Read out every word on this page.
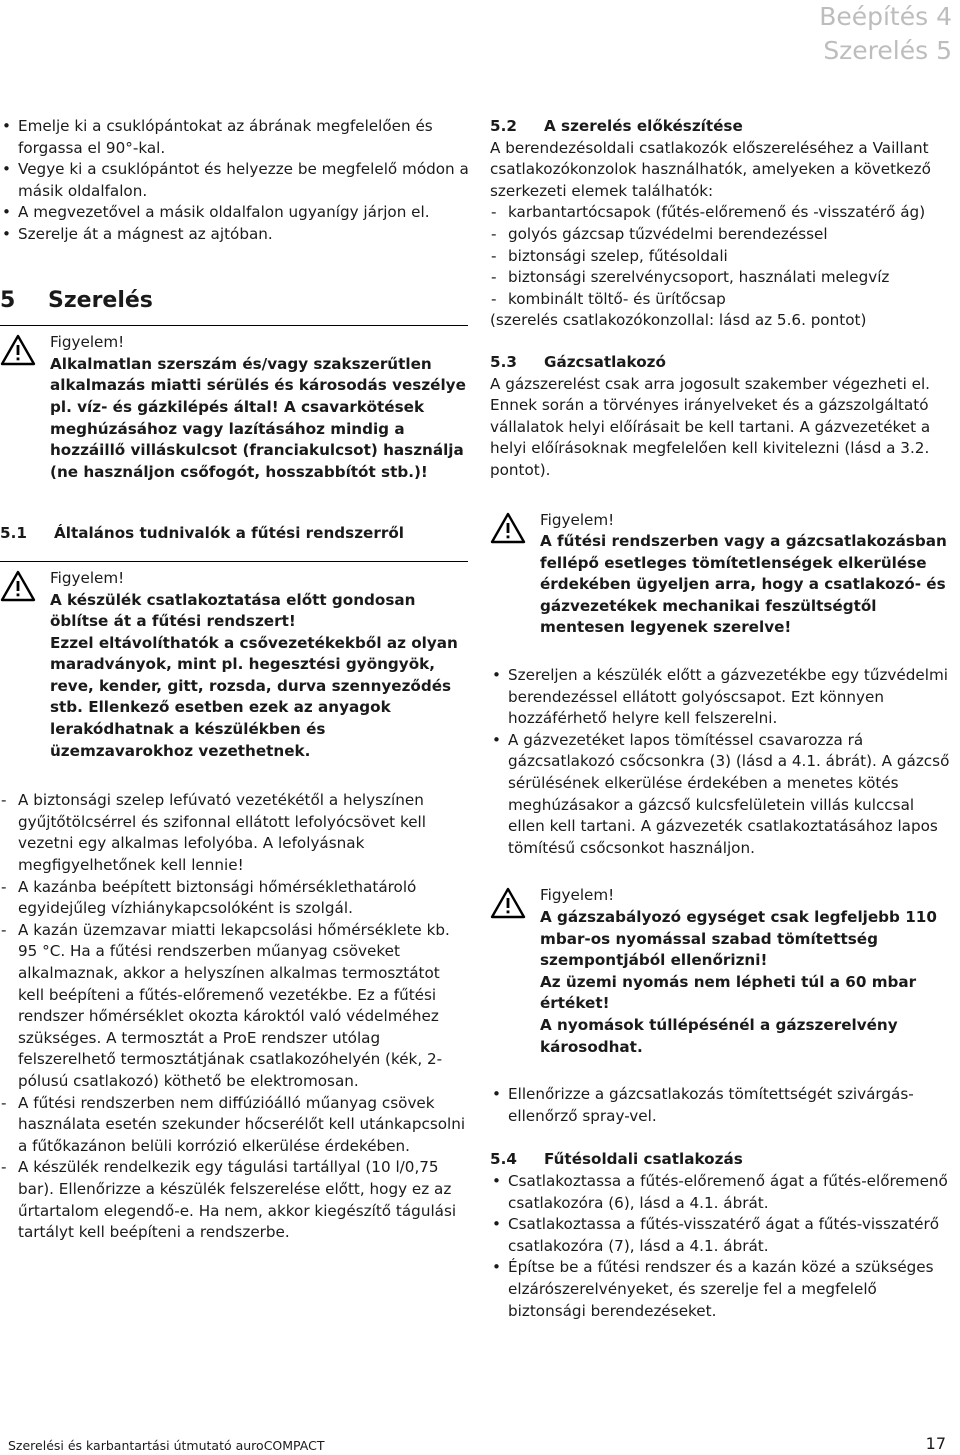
Beépítés 4
Szerelés 5
• Emelje ki a csuklópántokat az ábrának megfelelően és forgassa el 90°-kal.
• Vegye ki a csuklópántot és helyezze be megfelelő módon a másik oldalfalon.
• A megvezetővel a másik oldalfalon ugyanígy járjon el.
• Szerelje át a mágnest az ajtóban.
5	Szerelés
Figyelem!
Alkalmatlan szerszám és/vagy szakszerűtlen alkalmazás miatti sérülés és károsodás veszélye pl. víz- és gázkilépés által! A csavarkötések meghúzásához vagy lazításához mindig a hozzáillő villáskulcsot (franciakulcsot) használja (ne használjon csőfogót, hosszabbítót stb.)!
5.1	Általános tudnivalók a fűtési rendszerről
Figyelem!
A készülék csatlakoztatása előtt gondosan öblítse át a fűtési rendszert!
Ezzel eltávolíthatók a csővezetékekből az olyan maradványok, mint pl. hegesztési gyöngyök, reve, kender, gitt, rozsda, durva szennyeződés stb. Ellenkező esetben ezek az anyagok lerakódhatnak a készülékben és üzemzavarokhoz vezethetnek.
- A biztonsági szelep lefúvató vezetékétől a helyszínen gyűjtőtölcsérrel és szifonnal ellátott lefolyócsövet kell vezetni egy alkalmas lefolyóba. A lefolyásnak megfigyelhetőnek kell lennie!
- A kazánba beépített biztonsági hőmérséklethatároló egyidejűleg vízhiánykapcsolóként is szolgál.
- A kazán üzemzavar miatti lekapcsolási hőmérséklete kb. 95 °C. Ha a fűtési rendszerben műanyag csöveket alkalmaznak, akkor a helyszínen alkalmas termosztátot kell beépíteni a fűtés-előremenő vezetékbe. Ez a fűtési rendszer hőmérséklet okozta károktól való védelméhez szükséges. A termosztát a ProE rendszer utólag felszerelhető termosztátjának csatlakozóhelyén (kék, 2-pólusú csatlakozó) köthető be elektromosan.
- A fűtési rendszerben nem diffúzióálló műanyag csövek használata esetén szekunder hőcserélőt kell utánkapcsolni a fűtőkazánon belüli korrózió elkerülése érdekében.
- A készülék rendelkezik egy tágulási tartállyal (10 l/0,75 bar). Ellenőrizze a készülék felszerelése előtt, hogy ez az űrtartalom elegendő-e. Ha nem, akkor kiegészítő tágulási tartályt kell beépíteni a rendszerbe.
5.2	A szerelés előkészítése

A berendezésoldali csatlakozók előszereléséhez a Vaillant csatlakozókonzolok használhatók, amelyeken a következő szerkezeti elemek találhatók:

- karbantartócsapok (fűtés-előremenő és -visszatérő ág)
- golyós gázcsap tűzvédelmi berendezéssel
- biztonsági szelep, fűtésoldali
- biztonsági szerelvénycsoport, használati melegvíz
- kombinált töltő- és ürítőcsap

(szerelés csatlakozókonzollal: lásd az 5.6. pontot)

5.3	Gázcsatlakozó

A gázszerelést csak arra jogosult szakember végezheti el. Ennek során a törvényes irányelveket és a gázszolgáltató vállalatok helyi előírásait be kell tartani. A gázvezetéket a helyi előírásoknak megfelelően kell kivitelezni (lásd a 3.2. pontot).

Figyelem!
A fűtési rendszerben vagy a gázcsatlakozásban fellépő esetleges tömítetlenségek elkerülése érdekében ügyeljen arra, hogy a csatlakozó- és gázvezetékek mechanikai feszültségtől mentesen legyenek szerelve!
• Szereljen a készülék előtt a gázvezetékbe egy tűzvédelmi berendezéssel ellátott golyóscsapot. Ezt könnyen hozzáférhető helyre kell felszerelni.
• A gázvezetéket lapos tömítéssel csavarozza rá gázcsatlakozó csőcsonkra (3) (lásd a 4.1. ábrát). A gázcső sérülésének elkerülése érdekében a menetes kötés meghúzásakor a gázcső kulcsfelületein villás kulccsal ellen kell tartani. A gázvezeték csatlakoztatásához lapos tömítésű csőcsonkot használjon.
Figyelem!
A gázszabályozó egységet csak legfeljebb 110 mbar-os nyomással szabad tömítettség szempontjából ellenőrizni!
Az üzemi nyomás nem lépheti túl a 60 mbar értéket!
A nyomások túllépésénél a gázszerelvény károsodhat.
• Ellenőrizze a gázcsatlakozás tömítettségét szivárgás-ellenőrző spray-vel.
5.4	Fűtésoldali csatlakozás
• Csatlakoztassa a fűtés-előremenő ágat a fűtés-előremenő csatlakozóra (6), lásd a 4.1. ábrát.
• Csatlakoztassa a fűtés-visszatérő ágat a fűtés-visszatérő csatlakozóra (7), lásd a 4.1. ábrát.
• Építse be a fűtési rendszer és a kazán közé a szükséges elzárószerelvényeket, és szerelje fel a megfelelő biztonsági berendezéseket.
Szerelési és karbantartási útmutató auroCOMPACT	17
